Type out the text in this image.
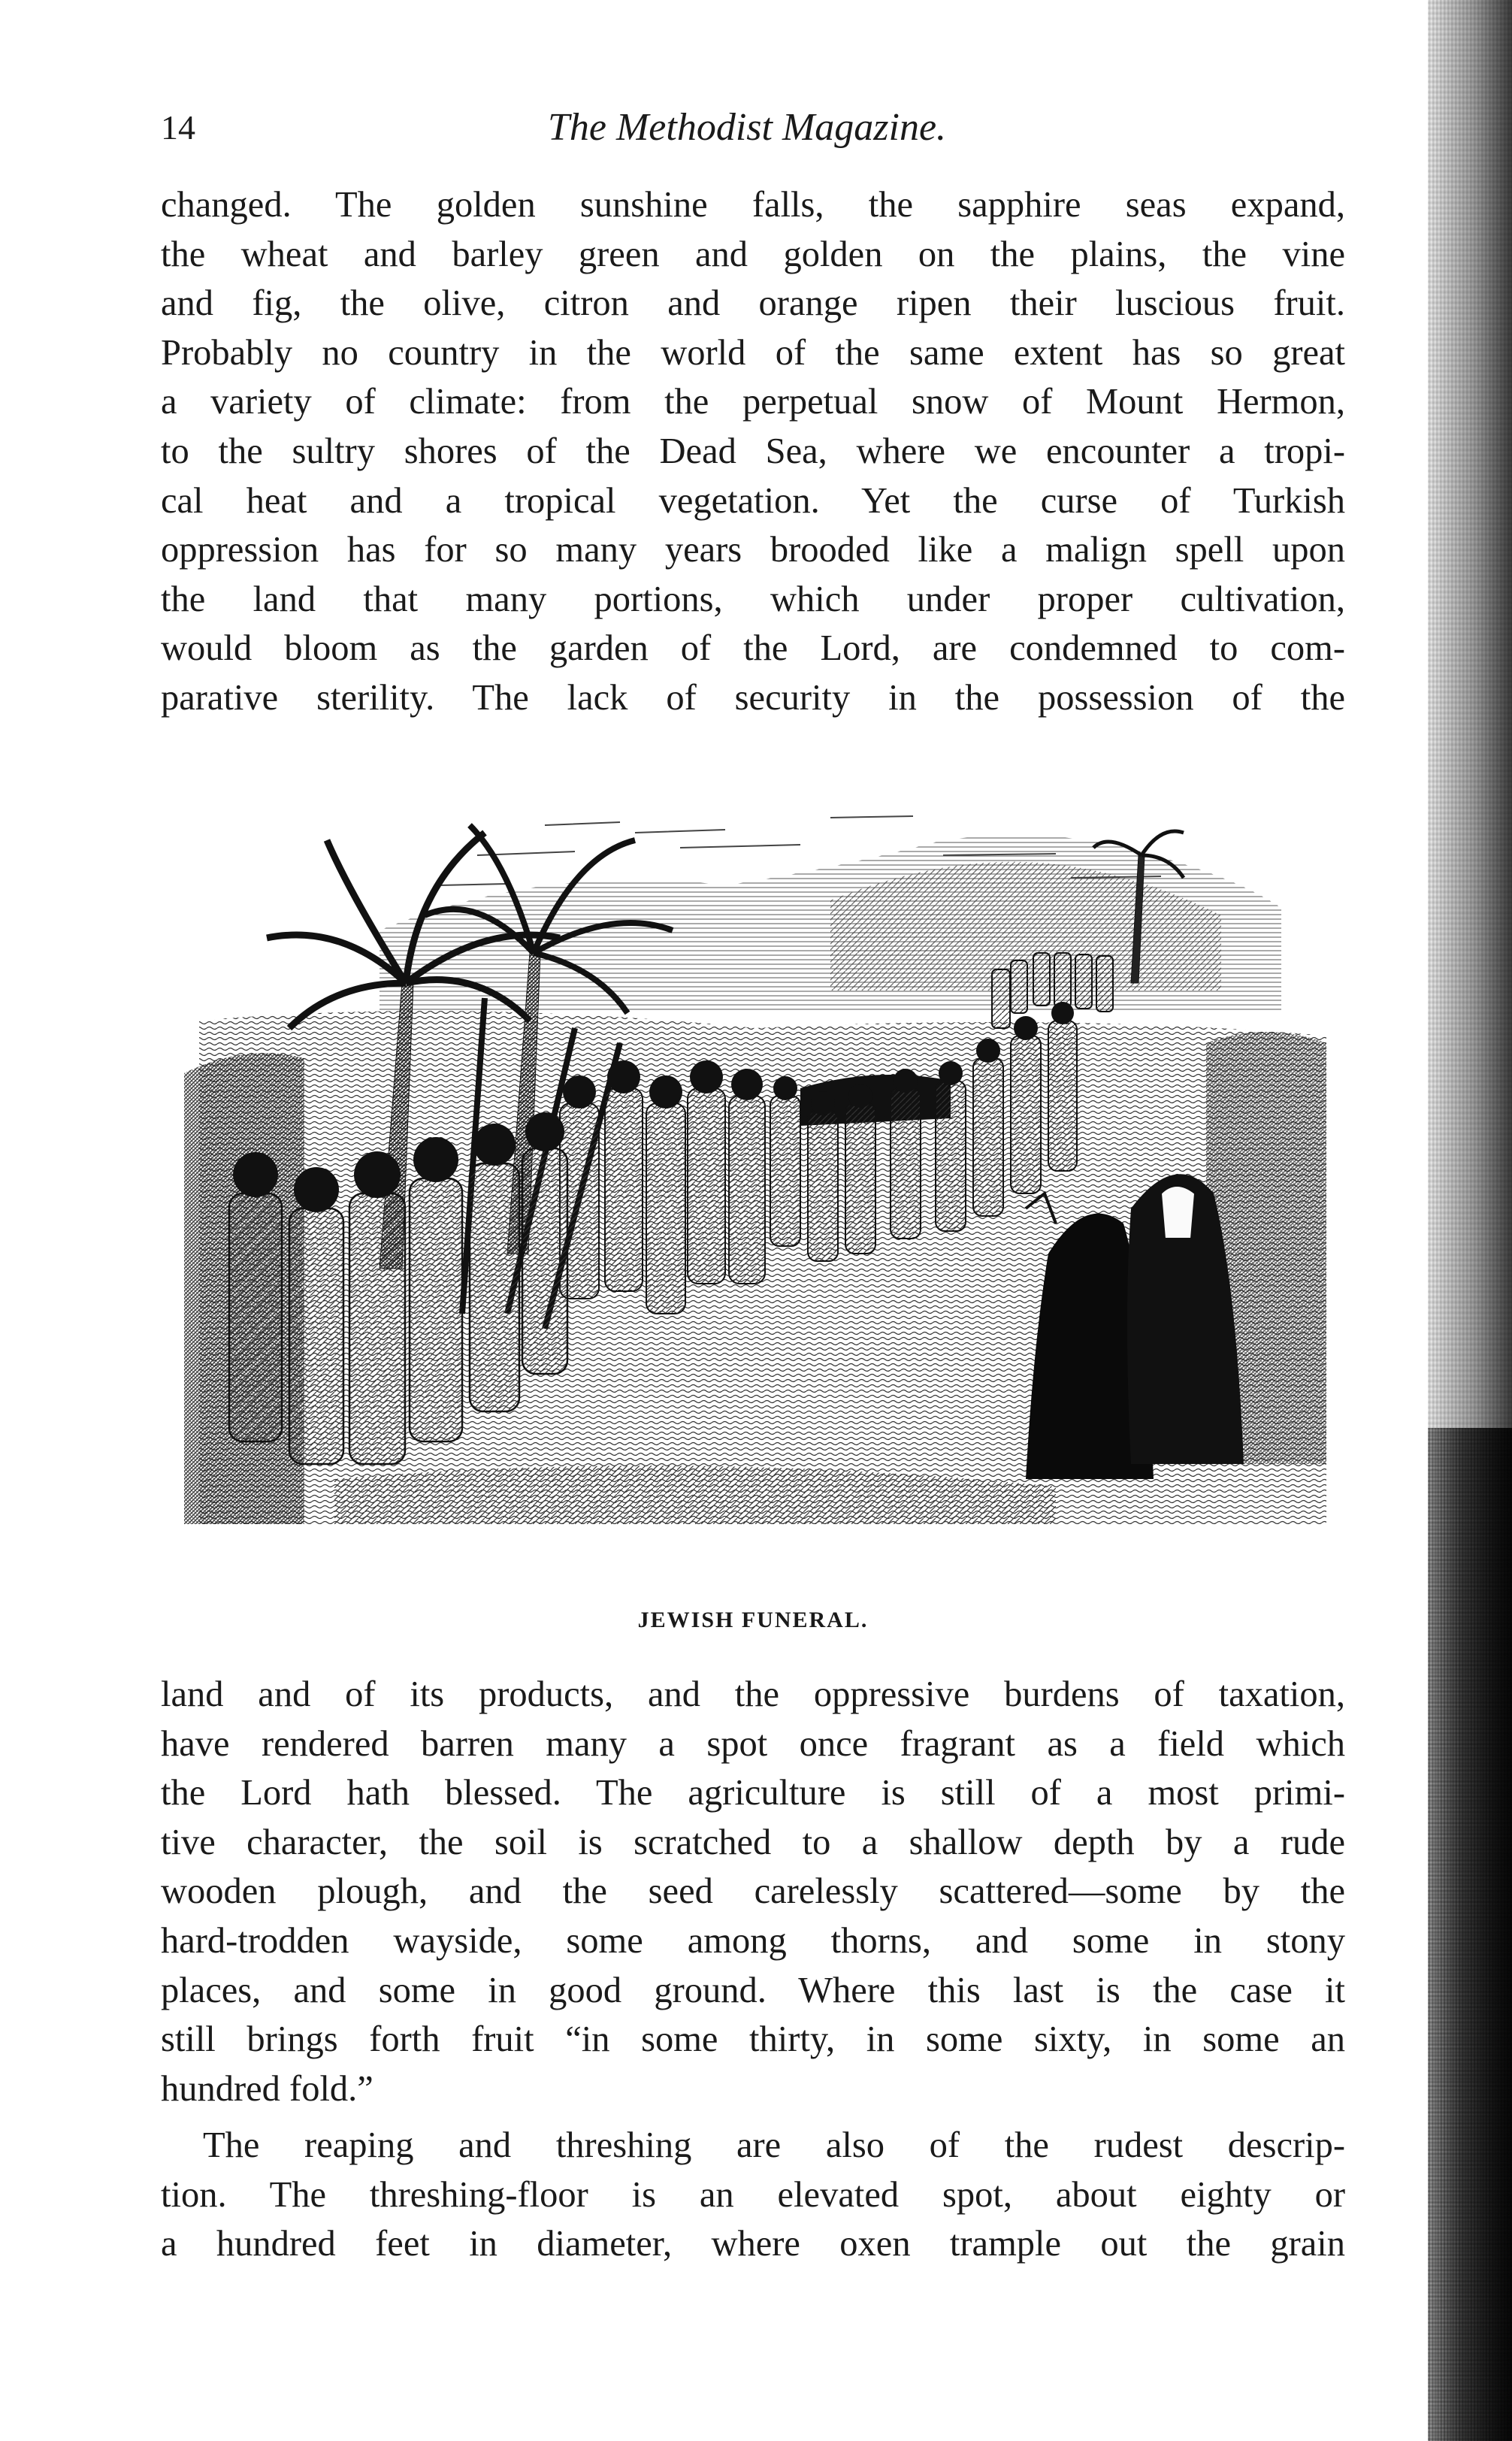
14	The Methodist Magazine.

changed. The golden sunshine falls, the sapphire seas expand,
the wheat and barley green and golden on the plains, the vine
and fig, the olive, citron and orange ripen their luscious fruit.
Probably no country in the world of the same extent has so great
a variety of climate: from the perpetual snow of Mount Hermon,
to the sultry shores of the Dead Sea, where we encounter a tropi-
cal heat and a tropical vegetation. Yet the curse of Turkish
oppression has for so many years brooded like a malign spell upon
the land that many portions, which under proper cultivation,
would bloom as the garden of the Lord, are condemned to com-
parative sterility. The lack of security in the possession of the

JEWISH FUNERAL.

land and of its products, and the oppressive burdens of taxation,
have rendered barren many a spot once fragrant as a field which
the Lord hath blessed. The agriculture is still of a most primi-
tive character, the soil is scratched to a shallow depth by a rude
wooden plough, and the seed carelessly scattered—some by the
hard-trodden wayside, some among thorns, and some in stony
places, and some in good ground. Where this last is the case it
still brings forth fruit “in some thirty, in some sixty, in some an
hundred fold.”

The reaping and threshing are also of the rudest descrip-
tion. The threshing-floor is an elevated spot, about eighty or
a hundred feet in diameter, where oxen trample out the grain
